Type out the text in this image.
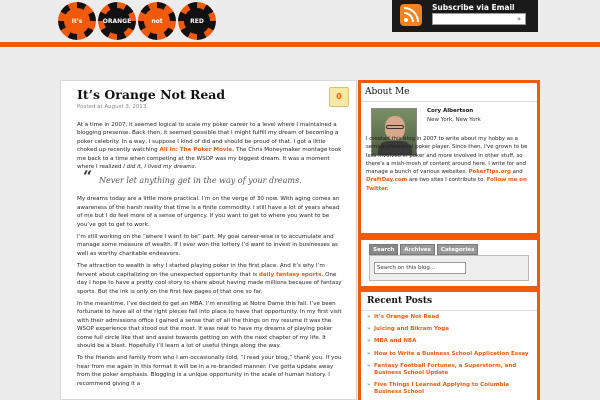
It's	ORANGE	not	RED
Subscribe via Email
»
It’s Orange Not Read
Posted at August 3, 2013
0

At a time in 2007, it seemed logical to scale my poker career to a level where I maintained a blogging presense. Back then, it seemed possible that I might fulfill my dream of becoming a poker celebrity. In a way, I suppose I kind of did and should be proud of that. I got a little choked up recently watching All In: The Poker Movie. The Chris Moneymaker montage took me back to a time when competing at the WSOP was my biggest dream. It was a moment where I realized I did it, I lived my dreams.

“ Never let anything get in the way of your dreams.

My dreams today are a little more practical. I’m on the verge of 30 now. With aging comes an awareness of the harsh reality that time is a finite commodity. I still have a lot of years ahead of me but I do feel more of a sense of urgency. If you want to get to where you want to be you’ve got to get to work.

I’m still working on the “where I want to be” part. My goal career-wise is to accumulate and manage some measure of wealth. If I ever won the lottery I’d want to invest in businesses as well as worthy charitable endeavors.

The attraction to wealth is why I started playing poker in the first place. And it’s why I’m fervent about capitalizing on the unexpected opportunity that is daily fantasy sports. One day I hope to have a pretty cool story to share about having made millions because of fantasy sports. But the ink is only on the first few pages of that one so far.

In the meantime, I’ve decided to get an MBA. I’m enrolling at Notre Dame this fall. I’ve been fortunate to have all of the right pieces fall into place to have that opportunity. In my first visit with their admissions office I gained a sense that of all the things on my resume it was the WSOP experience that stood out the most. It was neat to have my dreams of playing poker come full circle like that and assist towards getting on with the next chapter of my life. It should be a blast. Hopefully I’ll learn a lot of useful things along the way.

To the friends and family from who I am occasionally told, “I read your blog,” thank you. If you hear from me again in this format it will be in a re-branded manner. I’ve gotta update away from the poker emphasis. Blogging is a unique opportunity in the scale of human history. I recommend giving it a

About Me
Cory Albertson
New York, New York
I created this blog in 2007 to write about my hobby as a semi-professional poker player. Since then, I've grown to be less involved in poker and more involved in other stuff, so there's a mish-mosh of content around here. I write for and manage a bunch of various websites. PokerTips.org and DraftDay.com are two sites I contribute to. Follow me on Twitter.
Search	Archives	Categories
Search on this blog...
Recent Posts
» It’s Orange Not Read
» Juicing and Bikram Yoga
» MBA and NBA
» How to Write a Business School Application Essay
» Fantasy Football Fortunes, a Superstorm, and Business School Update
» Five Things I Learned Applying to Columbia Business School
